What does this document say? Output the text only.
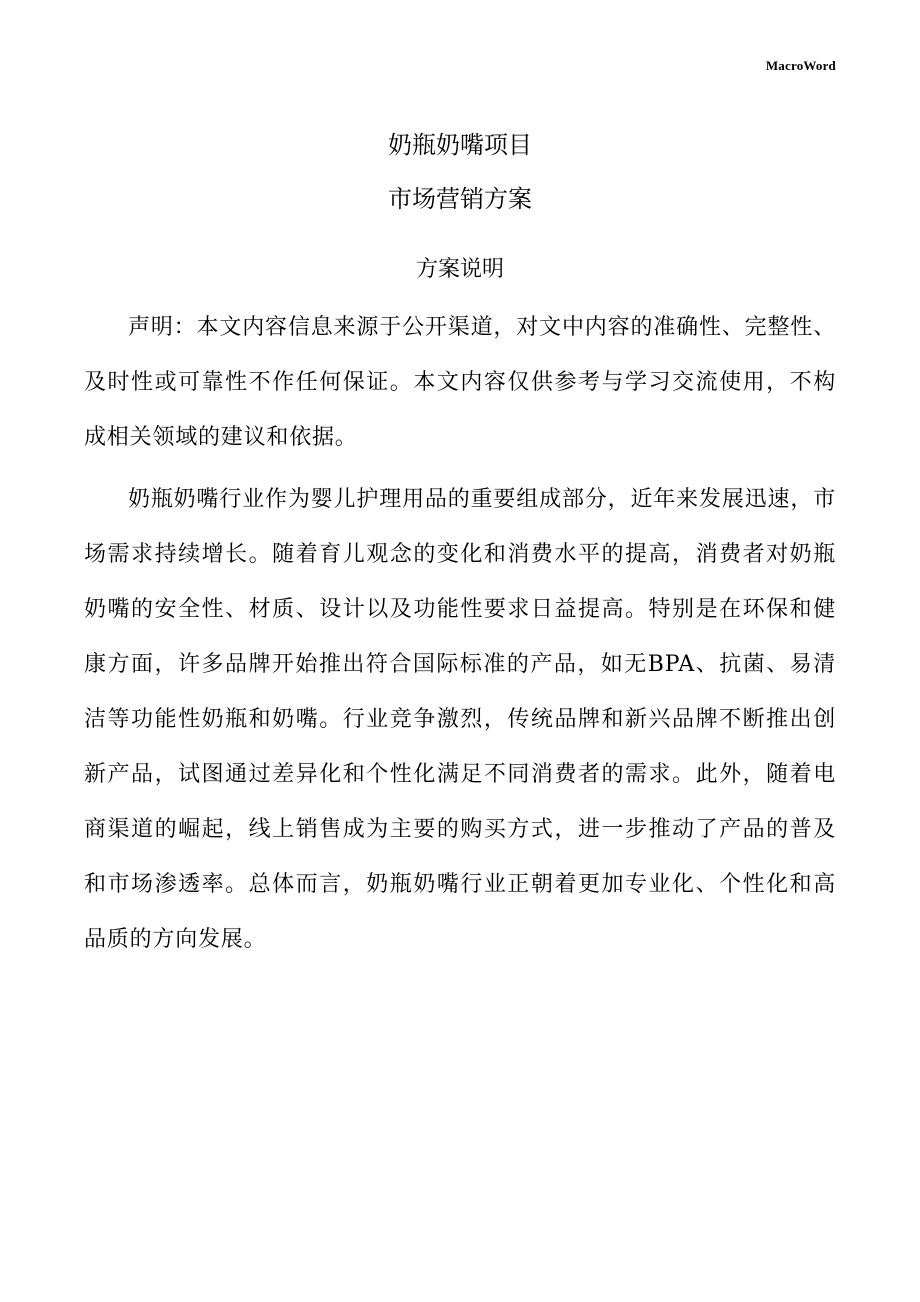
MacroWord
奶瓶奶嘴项目
市场营销方案
方案说明

声明：本文内容信息来源于公开渠道，对文中内容的准确性、完整性、及时性或可靠性不作任何保证。本文内容仅供参考与学习交流使用，不构成相关领域的建议和依据。

奶瓶奶嘴行业作为婴儿护理用品的重要组成部分，近年来发展迅速，市场需求持续增长。随着育儿观念的变化和消费水平的提高，消费者对奶瓶奶嘴的安全性、材质、设计以及功能性要求日益提高。特别是在环保和健康方面，许多品牌开始推出符合国际标准的产品，如无BPA、抗菌、易清洁等功能性奶瓶和奶嘴。行业竞争激烈，传统品牌和新兴品牌不断推出创新产品，试图通过差异化和个性化满足不同消费者的需求。此外，随着电商渠道的崛起，线上销售成为主要的购买方式，进一步推动了产品的普及和市场渗透率。总体而言，奶瓶奶嘴行业正朝着更加专业化、个性化和高品质的方向发展。
